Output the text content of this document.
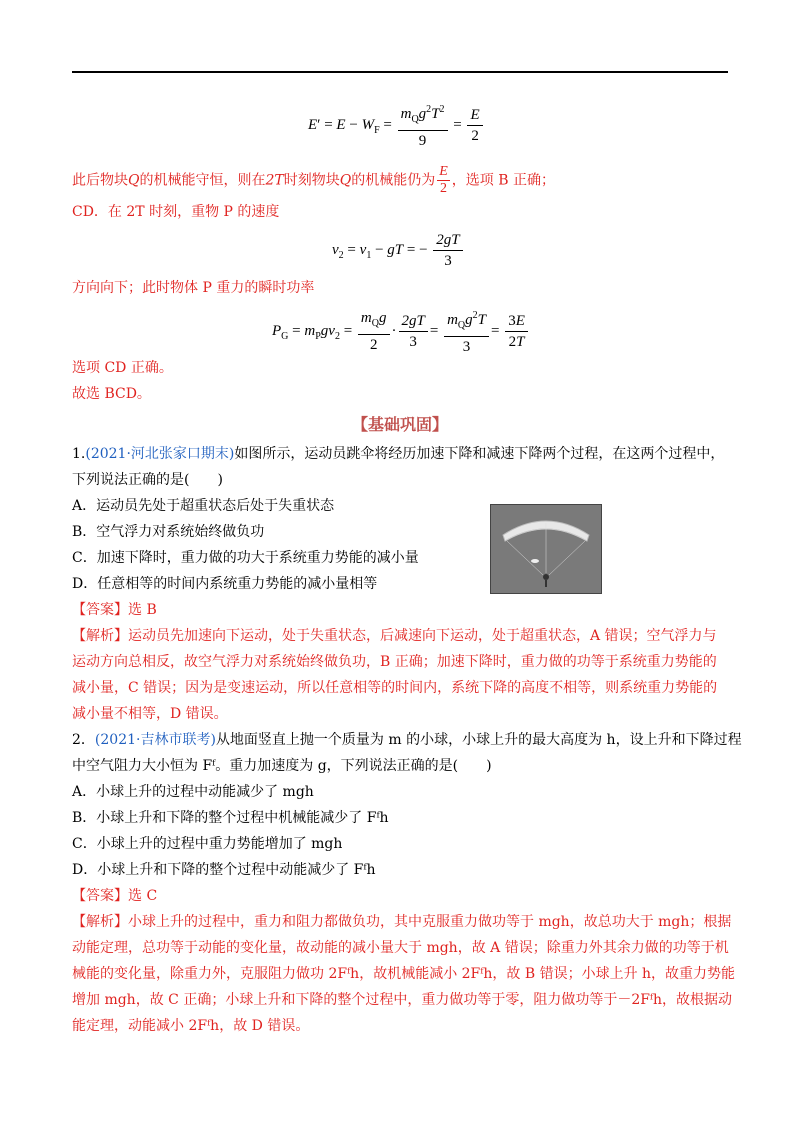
$E' = E - W_F = \frac{m_Qg^2T^2}{9} = \frac{E}{2}$
此后物块Q的机械能守恒，则在2T时刻物块Q的机械能仍为 $\frac{E}{2}$ ，选项 B 正确；
CD．在 2T 时刻，重物 P 的速度
$v_2 = v_1$ − gT = − $\frac{2gT}{3}$
方向向下；此时物体 P 重力的瞬时功率
$P_G = m_Pgv_2 = \frac{m_Qg}{2} \cdot \frac{2gT}{3} = \frac{m_Qg^2T}{3} = \frac{3E}{2T}$
选项 CD 正确。
故选 BCD。
【基础巩固】
1.(2021·河北张家口期末)如图所示，运动员跳伞将经历加速下降和减速下降两个过程，在这两个过程中，
下列说法正确的是(　　)
A．运动员先处于超重状态后处于失重状态
B．空气浮力对系统始终做负功
C．加速下降时，重力做的功大于系统重力势能的减小量
D．任意相等的时间内系统重力势能的减小量相等
【答案】选 B
【解析】运动员先加速向下运动，处于失重状态，后减速向下运动，处于超重状态，A 错误；空气浮力与
运动方向总相反，故空气浮力对系统始终做负功，B 正确；加速下降时，重力做的功等于系统重力势能的
减小量，C 错误；因为是变速运动，所以任意相等的时间内，系统下降的高度不相等，则系统重力势能的
减小量不相等，D 错误。
2．(2021·吉林市联考)从地面竖直上抛一个质量为 m 的小球，小球上升的最大高度为 h，设上升和下降过程
中空气阻力大小恒为 Fᶠ。重力加速度为 g，下列说法正确的是(　　)
A．小球上升的过程中动能减少了 mgh
B．小球上升和下降的整个过程中机械能减少了 Fᶠh
C．小球上升的过程中重力势能增加了 mgh
D．小球上升和下降的整个过程中动能减少了 Fᶠh
【答案】选 C
【解析】小球上升的过程中，重力和阻力都做负功，其中克服重力做功等于 mgh，故总功大于 mgh；根据
动能定理，总功等于动能的变化量，故动能的减小量大于 mgh，故 A 错误；除重力外其余力做的功等于机
械能的变化量，除重力外，克服阻力做功 2Fᶠh，故机械能减小 2Fᶠh，故 B 错误；小球上升 h，故重力势能
增加 mgh，故 C 正确；小球上升和下降的整个过程中，重力做功等于零，阻力做功等于－2Fᶠh，故根据动
能定理，动能减小 2Fᶠh，故 D 错误。
